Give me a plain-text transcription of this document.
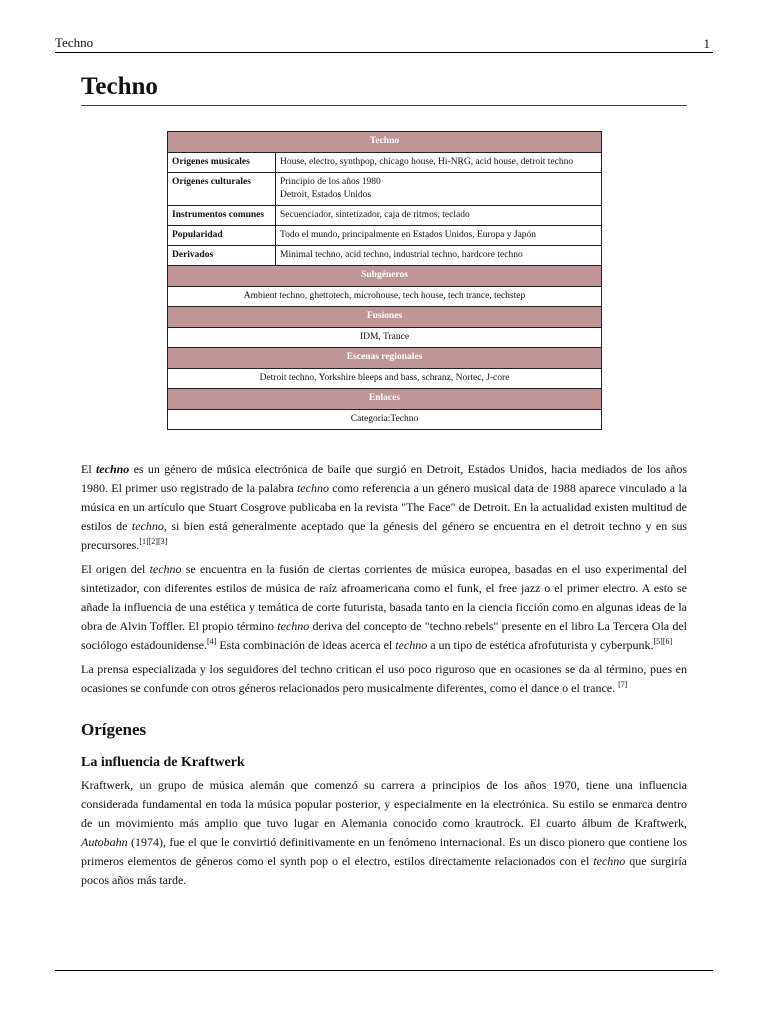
Techno	1
Techno
Techno	
Orígenes musicales	House, electro, synthpop, chicago house, Hi-NRG, acid house, detroit techno
Orígenes culturales	Principio de los años 1980
Detroit, Estados Unidos
Instrumentos comunes	Secuenciador, sintetizador, caja de ritmos, teclado
Popularidad	Todo el mundo, principalmente en Estados Unidos, Europa y Japón
Derivados	Minimal techno, acid techno, industrial techno, hardcore techno
Subgéneros	
Ambient techno, ghettotech, microhouse, tech house, tech trance, techstep	
Fusiones	
IDM, Trance	
Escenas regionales	
Detroit techno, Yorkshire bleeps and bass, schranz, Nortec, J-core	
Enlaces	
Categoría:Techno	

El techno es un género de música electrónica de baile que surgió en Detroit, Estados Unidos, hacia mediados de los años 1980. El primer uso registrado de la palabra techno como referencia a un género musical data de 1988 aparece vinculado a la música en un artículo que Stuart Cosgrove publicaba en la revista "The Face" de Detroit. En la actualidad existen multitud de estilos de techno, si bien está generalmente aceptado que la génesis del género se encuentra en el detroit techno y en sus precursores.[1][2][3]

El origen del techno se encuentra en la fusión de ciertas corrientes de música europea, basadas en el uso experimental del sintetizador, con diferentes estilos de música de raíz afroamericana como el funk, el free jazz o el primer electro. A esto se añade la influencia de una estética y temática de corte futurista, basada tanto en la ciencia ficción como en algunas ideas de la obra de Alvin Toffler. El propio término techno deriva del concepto de "techno rebels" presente en el libro La Tercera Ola del sociólogo estadounidense.[4] Esta combinación de ideas acerca el techno a un tipo de estética afrofuturista y cyberpunk.[5][6]

La prensa especializada y los seguidores del techno critican el uso poco riguroso que en ocasiones se da al término, pues en ocasiones se confunde con otros géneros relacionados pero musicalmente diferentes, como el dance o el trance. [7]

Orígenes
La influencia de Kraftwerk

Kraftwerk, un grupo de música alemán que comenzó su carrera a principios de los años 1970, tiene una influencia considerada fundamental en toda la música popular posterior, y especialmente en la electrónica. Su estilo se enmarca dentro de un movimiento más amplio que tuvo lugar en Alemania conocido como krautrock. El cuarto álbum de Kraftwerk, Autobahn (1974), fue el que le convirtió definitivamente en un fenómeno internacional. Es un disco pionero que contiene los primeros elementos de géneros como el synth pop o el electro, estilos directamente relacionados con el techno que surgiría pocos años más tarde.
